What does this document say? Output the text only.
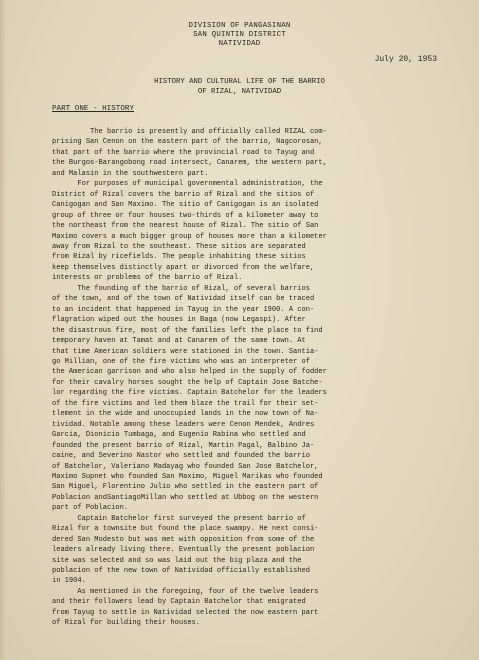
DIVISION OF PANGASINAN
SAN QUINTIN DISTRICT
NATIVIDAD
July 20, 1953
HISTORY AND CULTURAL LIFE OF THE BARRIO
OF RIZAL, NATIVIDAD
PART ONE - HISTORY
The barrio is presently and officially called RIZAL com-
prising San Cenon on the eastern part of the barrio, Nagcorosan,
that part of the barrio where the provincial road to Tayug and
the Burgos-Barangobong road intersect, Canarem, the western part,
and Malasin in the southwestern part.
For purposes of municipal governmental administration, the
District of Rizal covers the barrio of Rizal and the sitios of
Canigogan and San Maximo. The sitio of Canigogan is an isolated
group of three or four houses two-thirds of a kilometer away to
the northeast from the nearest house of Rizal. The sitio of San
Maximo covers a much bigger group of houses more than a kilometer
away from Rizal to the southeast. These sitios are separated
from Rizal by ricefields. The people inhabiting these sitios
keep themselves distinctly apart or divorced from the welfare,
interests or problems of the barrio of Rizal.
The founding of the barrio of Rizal, of several barrios
of the town, and of the town of Natividad itself can be traced
to an incident that happened in Tayug in the year 1900. A con-
flagration wiped out the houses in Baga (now Legaspi). After
the disastrous fire, most of the families left the place to find
temporary haven at Tamat and at Canarem of the same town. At
that time American soldiers were stationed in the town. Santia-
go Millian, one of the fire victims who was an interpreter of
the American garrison and who also helped in the supply of fodder
for their cavalry horses sought the help of Captain Jose Batche-
lor regarding the fire victims. Captain Batchelor for the leaders
of the fire victims and led them blaze the trail for their set-
tlement in the wide and unoccupied lands in the now town of Na-
tividad. Notable among these leaders were Cenon Mendek, Andres
Garcia, Dionicio Tumbaga, and Eugenio Rabina who settled and
founded the present barrio of Rizal, Martin Pagal, Balbino Ja-
caine, and Severino Nastor who settled and founded the barrio
of Batchelor, Valeriano Madayag who founded San Jose Batchelor,
Maximo Supnet who founded San Maximo, Miguel Marikas who founded
San Miguel, Florentino Julio who settled in the eastern part of
Poblacion andSantiagoMillan who settled at Ubbog on the western
part of Poblacion.
Captain Batchelor first surveyed the present barrio of
Rizal for a townsite but found the place swampy. He next consi-
dered San Modesto but was met with opposition from some of the
leaders already living there. Eventually the present poblacion
site was selected and so was laid out the big plaza and the
poblacion of the new town of Natividad officially established
in 1904.
As mentioned in the foregoing, four of the twelve leaders
and their followers lead by Captain Batchelor that emigrated
from Tayug to settle in Natividad selected the now eastern part
of Rizal for building their houses.
